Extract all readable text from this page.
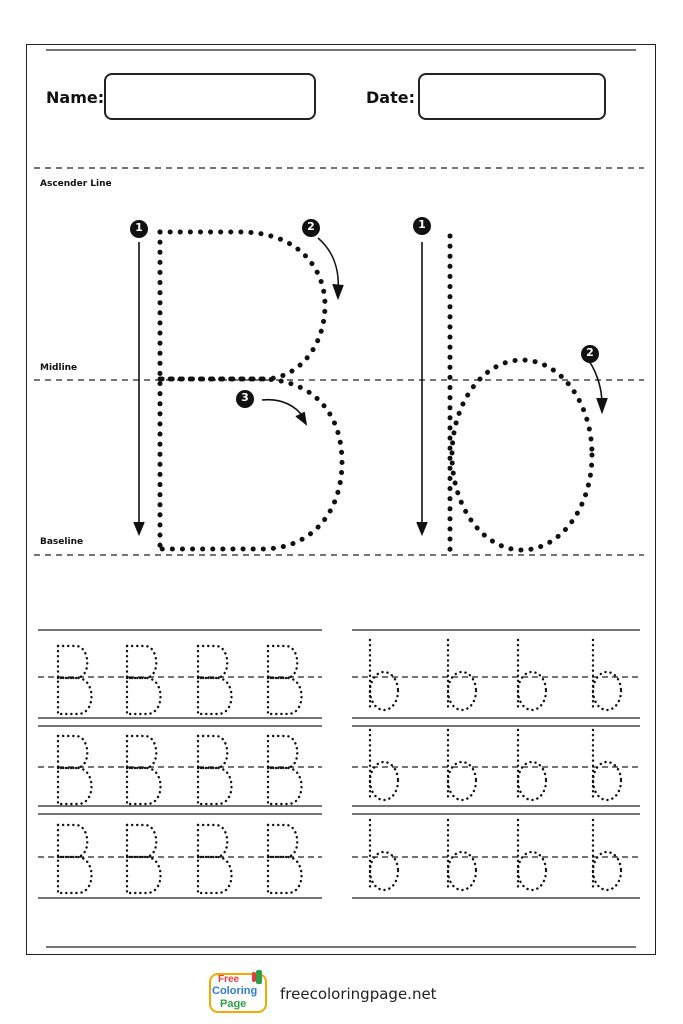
Name:	Date:
Ascender Line
Midline
Baseline
1	2
3
1
2
Free
Coloring
Page
freecoloringpage.net
